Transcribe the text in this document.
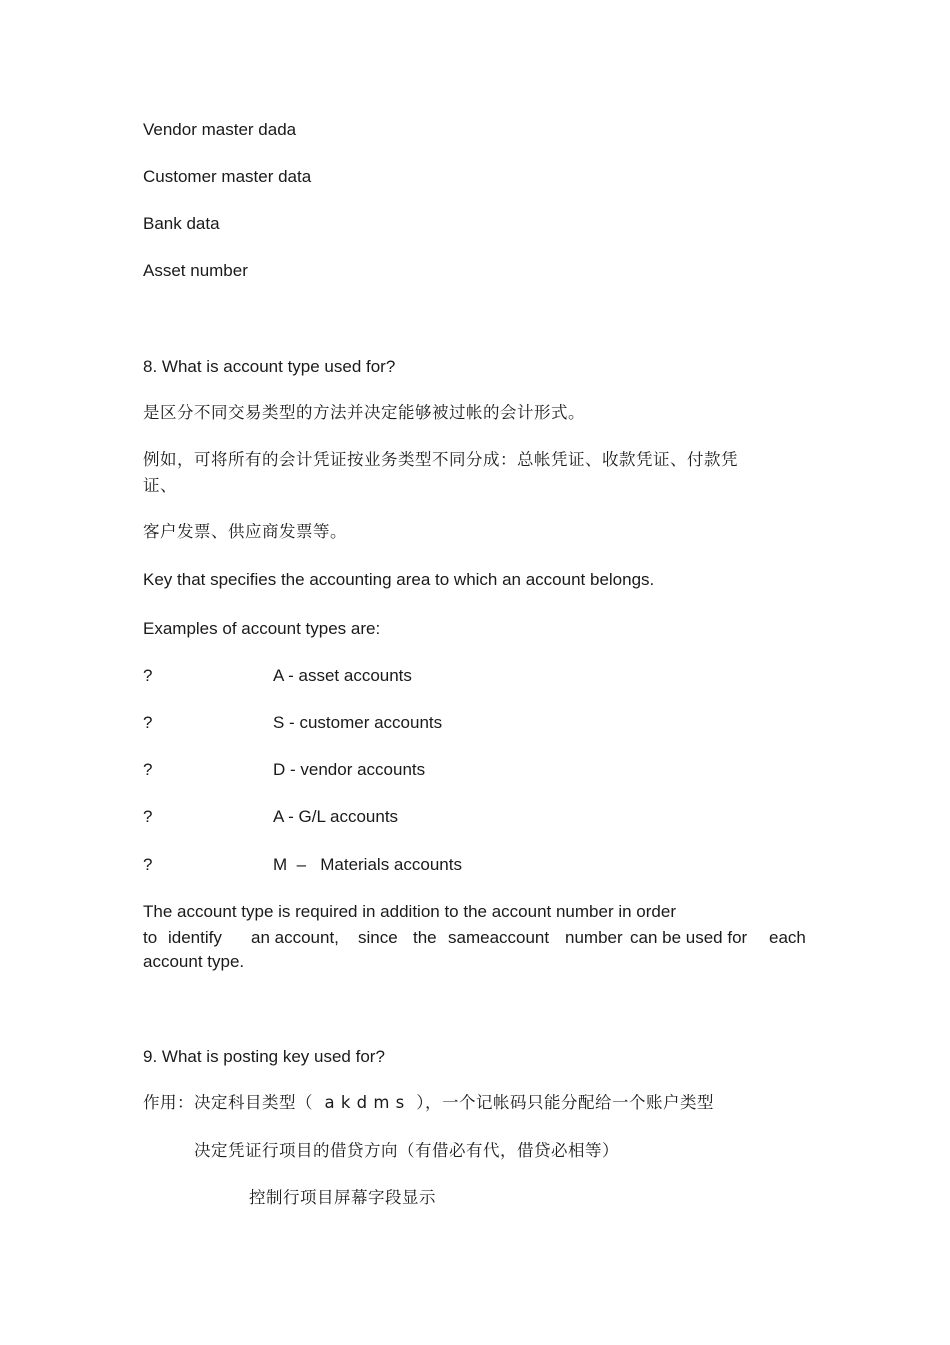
Vendor master dada
Customer master data
Bank data
Asset number
8. What is account type used for?
是区分不同交易类型的方法并决定能够被过帐的会计形式。
例如，可将所有的会计凭证按业务类型不同分成：总帐凭证、收款凭证、付款凭
证、
客户发票、供应商发票等。
Key that specifies the accounting area to which an account belongs.
Examples of account types are:
?	A - asset accounts
?	S - customer accounts
?	D - vendor accounts
?	A - G/L accounts
?	M  –   Materials accounts
The account type is required in addition to the account number in order
to identify an account, since the sameaccount number can be used for each
account type.
9. What is posting key used for?
作用：决定科目类型（  a k d m s  ），一个记帐码只能分配给一个账户类型
决定凭证行项目的借贷方向（有借必有代，借贷必相等）
控制行项目屏幕字段显示
